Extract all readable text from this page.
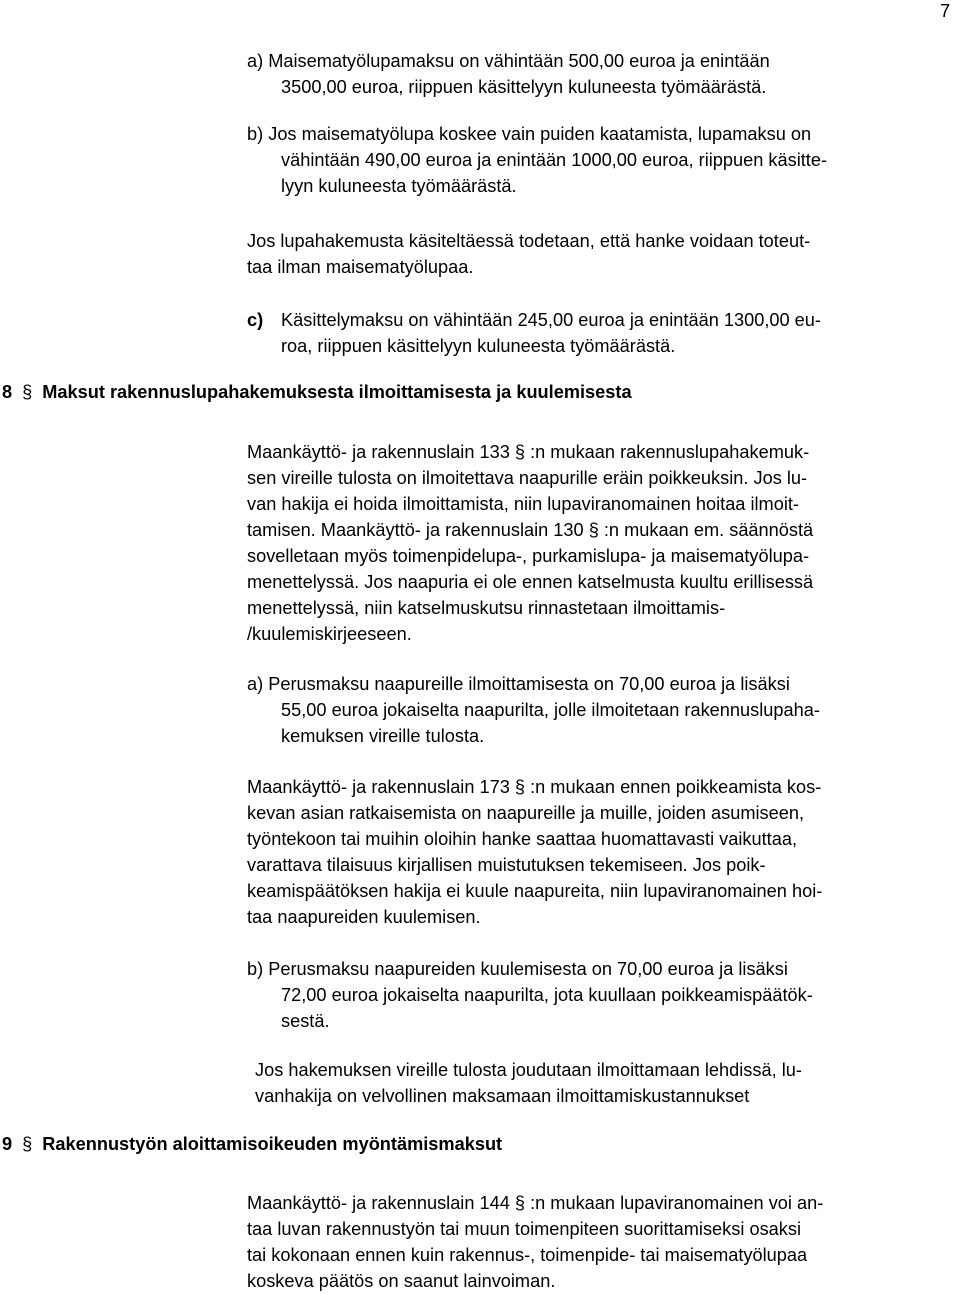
7
a) Maisematyölupamaksu on vähintään 500,00 euroa ja enintään
3500,00 euroa, riippuen käsittelyyn kuluneesta työmäärästä.
b) Jos maisematyölupa koskee vain puiden kaatamista, lupamaksu on
vähintään 490,00 euroa ja enintään 1000,00 euroa, riippuen käsitte-
lyyn kuluneesta työmäärästä.
Jos lupahakemusta käsiteltäessä todetaan, että hanke voidaan toteut-
taa ilman maisematyölupaa.
c) Käsittelymaksu on vähintään 245,00 euroa ja enintään 1300,00 eu-
roa, riippuen käsittelyyn kuluneesta työmäärästä.
8 § Maksut rakennuslupahakemuksesta ilmoittamisesta ja kuulemisesta
Maankäyttö- ja rakennuslain 133 § :n mukaan rakennuslupahakemuk-
sen vireille tulosta on ilmoitettava naapurille eräin poikkeuksin. Jos lu-
van hakija ei hoida ilmoittamista, niin lupaviranomainen hoitaa ilmoit-
tamisen. Maankäyttö- ja rakennuslain 130 § :n mukaan em. säännöstä
sovelletaan myös toimenpidelupa-, purkamislupa- ja maisematyölupa-
menettelyssä. Jos naapuria ei ole ennen katselmusta kuultu erillisessä
menettelyssä, niin katselmuskutsu rinnastetaan ilmoittamis-
/kuulemiskirjeeseen.
a) Perusmaksu naapureille ilmoittamisesta on 70,00 euroa ja lisäksi
55,00 euroa jokaiselta naapurilta, jolle ilmoitetaan rakennuslupaha-
kemuksen vireille tulosta.
Maankäyttö- ja rakennuslain 173 § :n mukaan ennen poikkeamista kos-
kevan asian ratkaisemista on naapureille ja muille, joiden asumiseen,
työntekoon tai muihin oloihin hanke saattaa huomattavasti vaikuttaa,
varattava tilaisuus kirjallisen muistutuksen tekemiseen. Jos poik-
keamispäätöksen hakija ei kuule naapureita, niin lupaviranomainen hoi-
taa naapureiden kuulemisen.
b) Perusmaksu naapureiden kuulemisesta on 70,00 euroa ja lisäksi
72,00 euroa jokaiselta naapurilta, jota kuullaan poikkeamispäätök-
sestä.
Jos hakemuksen vireille tulosta joudutaan ilmoittamaan lehdissä, lu-
vanhakija on velvollinen maksamaan ilmoittamiskustannukset
9 § Rakennustyön aloittamisoikeuden myöntämismaksut
Maankäyttö- ja rakennuslain 144 § :n mukaan lupaviranomainen voi an-
taa luvan rakennustyön tai muun toimenpiteen suorittamiseksi osaksi
tai kokonaan ennen kuin rakennus-, toimenpide- tai maisematyölupaa
koskeva päätös on saanut lainvoiman.
